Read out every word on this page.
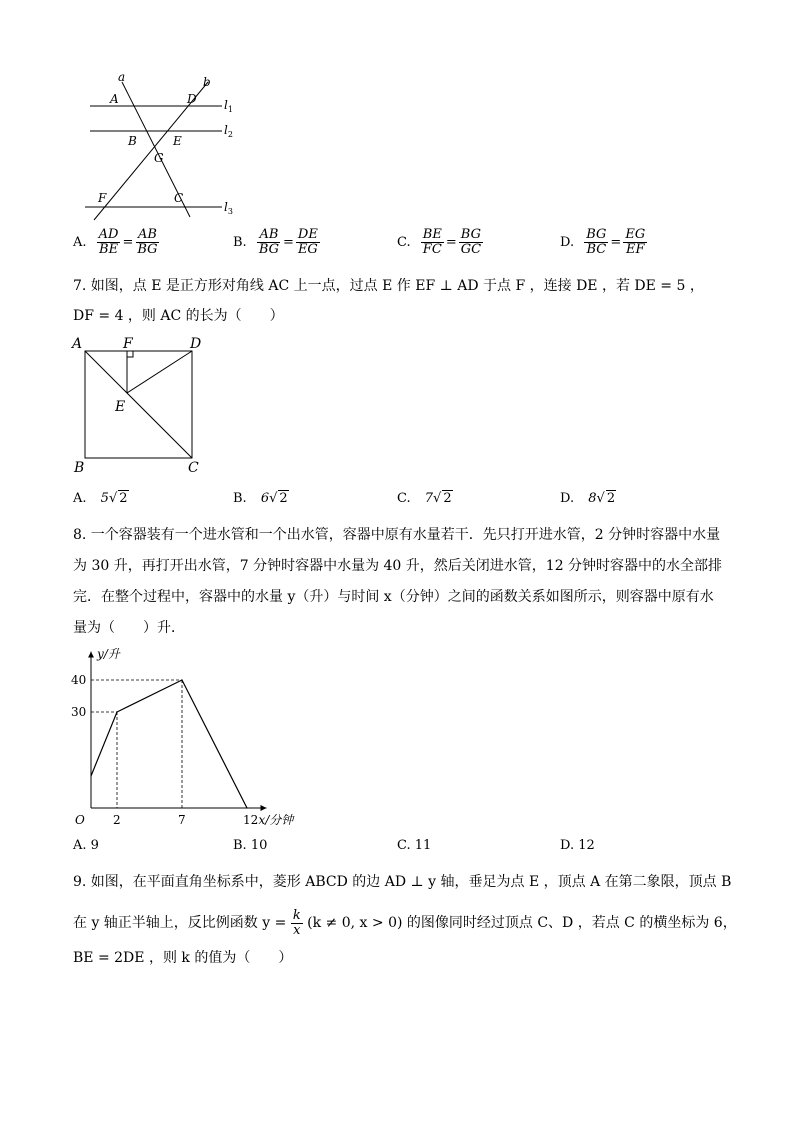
a	b
A	D $l_1$
$l_2$
B	E
G
F	C
$l_3$
A. $\frac{AD}{BE} = \frac{AB}{BG}$	B. $\frac{AB}{BG} = \frac{DE}{EG}$	C. $\frac{BE}{FC} = \frac{BG}{GC}$	D. $\frac{BG}{BC} = \frac{EG}{EF}$
7. 如图，点 E 是正方形对角线 AC 上一点，过点 E 作 EF ⊥ AD 于点 F ，连接 DE ，若 DE = 5 ，
DF = 4 ，则 AC 的长为（　　）
A	F	D
E
B	C
A. 5√ 2	B. 6√ 2	C. 7√ 2	D. 8√ 2
8. 一个容器装有一个进水管和一个出水管，容器中原有水量若干．先只打开进水管，2 分钟时容器中水量
为 30 升，再打开出水管，7 分钟时容器中水量为 40 升，然后关闭进水管，12 分钟时容器中的水全部排
完．在整个过程中，容器中的水量 y（升）与时间 x（分钟）之间的函数关系如图所示，则容器中原有水
量为（　　）升．
2	7	12
30
40
O	x/分钟
y/升
A. 9	B. 10	C. 11	D. 12
9. 如图，在平面直角坐标系中，菱形 ABCD 的边 AD ⊥ y 轴，垂足为点 E ，顶点 A 在第二象限，顶点 B
在 y 轴正半轴上，反比例函数 $y = \frac{k}{x} (k \ne 0$, x > 0) 的图像同时经过顶点 C、D ，若点 C 的横坐标为 6，
BE = 2DE ，则 k 的值为（　　）
